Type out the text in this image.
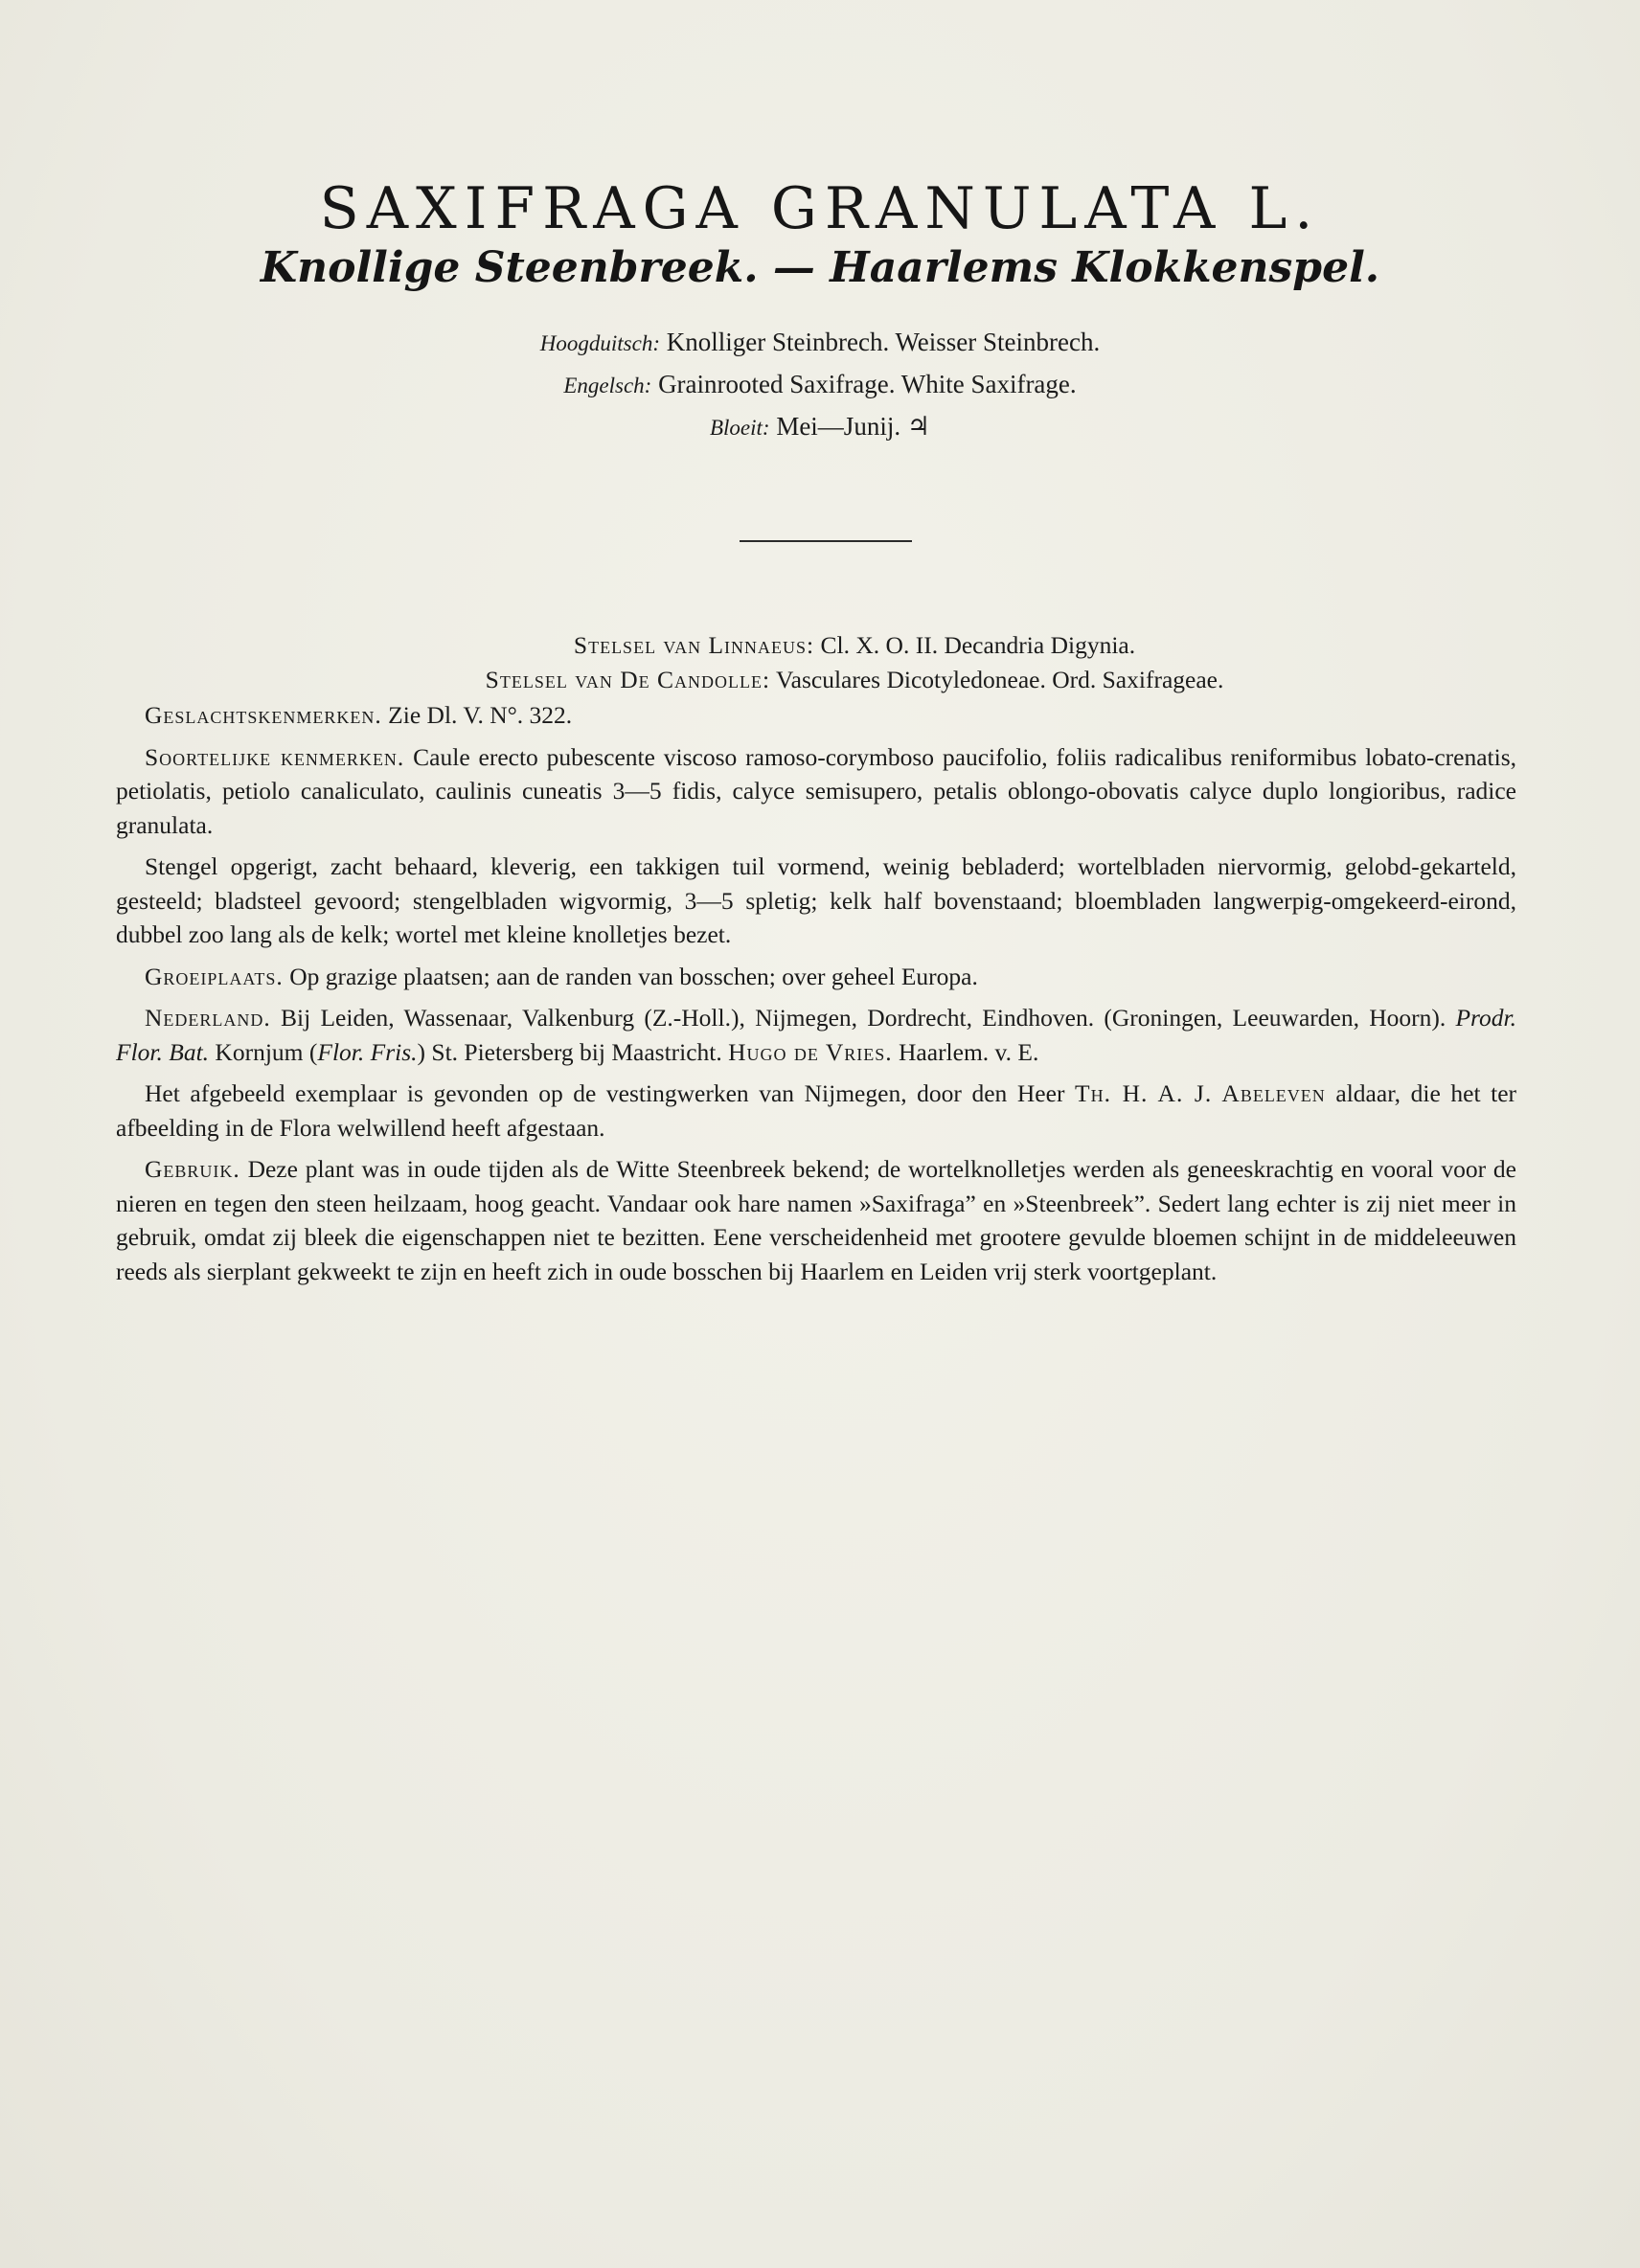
SAXIFRAGA GRANULATA L.
Knollige Steenbreek. — Haarlems Klokkenspel.
Hoogduitsch: Knolliger Steinbrech. Weisser Steinbrech.
Engelsch: Grainrooted Saxifrage. White Saxifrage.
Bloeit: Mei—Junij. ♃
Stelsel van Linnaeus: Cl. X. O. II. Decandria Digynia.
Stelsel van De Candolle: Vasculares Dicotyledoneae. Ord. Saxifrageae.

Geslachtskenmerken. Zie Dl. V. N°. 322.

Soortelijke kenmerken. Caule erecto pubescente viscoso ramoso-corymboso paucifolio, foliis radicalibus reniformibus lobato-crenatis, petiolatis, petiolo canaliculato, caulinis cuneatis 3—5 fidis, calyce semisupero, petalis oblongo-obovatis calyce duplo longioribus, radice granulata.

Stengel opgerigt, zacht behaard, kleverig, een takkigen tuil vormend, weinig bebladerd; wortelbladen niervormig, gelobd-gekarteld, gesteeld; bladsteel gevoord; stengelbladen wigvormig, 3—5 spletig; kelk half bovenstaand; bloembladen langwerpig-omgekeerd-eirond, dubbel zoo lang als de kelk; wortel met kleine knolletjes bezet.

Groeiplaats. Op grazige plaatsen; aan de randen van bosschen; over geheel Europa.

Nederland. Bij Leiden, Wassenaar, Valkenburg (Z.-Holl.), Nijmegen, Dordrecht, Eindhoven. (Groningen, Leeuwarden, Hoorn). Prodr. Flor. Bat. Kornjum (Flor. Fris.) St. Pietersberg bij Maastricht. Hugo de Vries. Haarlem. v. E.

Het afgebeeld exemplaar is gevonden op de vestingwerken van Nijmegen, door den Heer Th. H. A. J. Abeleven aldaar, die het ter afbeelding in de Flora welwillend heeft afgestaan.

Gebruik. Deze plant was in oude tijden als de Witte Steenbreek bekend; de wortelknolletjes werden als geneeskrachtig en vooral voor de nieren en tegen den steen heilzaam, hoog geacht. Vandaar ook hare namen »Saxifraga” en »Steenbreek”. Sedert lang echter is zij niet meer in gebruik, omdat zij bleek die eigenschappen niet te bezitten. Eene verscheidenheid met grootere gevulde bloemen schijnt in de middeleeuwen reeds als sierplant gekweekt te zijn en heeft zich in oude bosschen bij Haarlem en Leiden vrij sterk voortgeplant.
